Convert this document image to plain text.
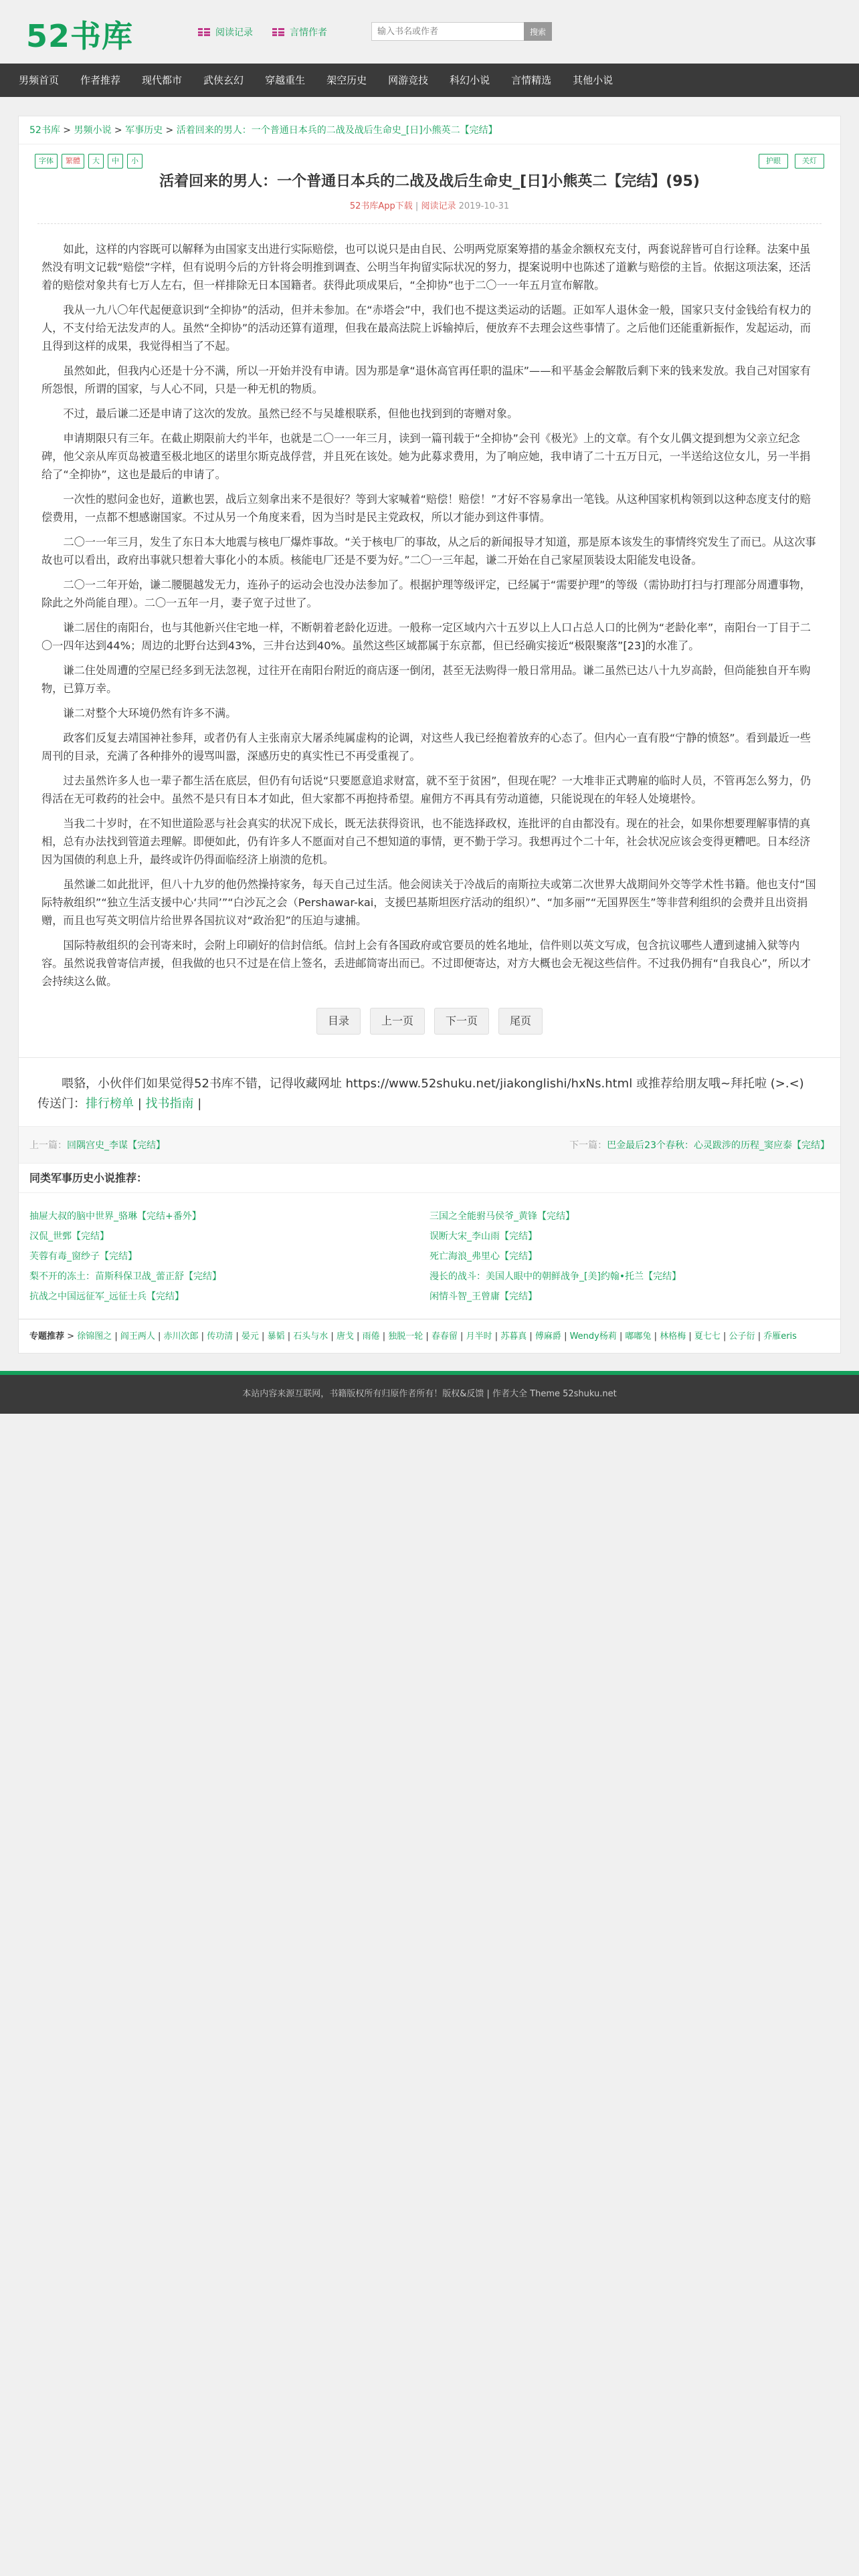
52书库	阅读记录	言情作者
输入书名或作者	搜索
男频首页	作者推荐	现代都市	武侠玄幻	穿越重生	架空历史	网游竞技	科幻小说	言情精选	其他小说
52书库 > 男频小说 > 军事历史 > 活着回来的男人：一个普通日本兵的二战及战后生命史_[日]小熊英二【完结】
字体	繁體	大	中	小	护眼	关灯
活着回来的男人：一个普通日本兵的二战及战后生命史_[日]小熊英二【完结】(95)
52书库App下载 | 阅读记录 2019-10-31

如此，这样的内容既可以解释为由国家支出进行实际赔偿，也可以说只是由自民、公明两党原案筹措的基金余额权充支付，两套说辞皆可自行诠释。法案中虽然没有明文记载“赔偿”字样，但有说明今后的方针将会明推到调查、公明当年拘留实际状况的努力，提案说明中也陈述了道歉与赔偿的主旨。依据这项法案，还活着的赔偿对象共有七万人左右，但一样排除无日本国籍者。获得此项成果后，“全抑协”也于二〇一一年五月宣布解散。

我从一九八〇年代起便意识到“全抑协”的活动，但并未参加。在“赤塔会”中，我们也不提这类运动的话题。正如军人退休金一般，国家只支付金钱给有权力的人，不支付给无法发声的人。虽然“全抑协”的活动还算有道理，但我在最高法院上诉输掉后，便放弃不去理会这些事情了。之后他们还能重新振作，发起运动，而且得到这样的成果，我觉得相当了不起。

虽然如此，但我内心还是十分不满，所以一开始并没有申请。因为那是拿“退休高官再任职的温床”——和平基金会解散后剩下来的钱来发放。我自己对国家有所怨恨，所谓的国家，与人心不同，只是一种无机的物质。

不过，最后谦二还是申请了这次的发放。虽然已经不与吴雄根联系，但他也找到到的寄赠对象。

申请期限只有三年。在截止期限前大约半年，也就是二〇一一年三月，读到一篇刊载于“全抑协”会刊《极光》上的文章。有个女儿偶文提到想为父亲立纪念碑，他父亲从库页岛被遣至极北地区的诺里尔斯克战俘营，并且死在该处。她为此募求费用，为了响应她，我申请了二十五万日元，一半送给这位女儿，另一半捐给了“全抑协”，这也是最后的申请了。

一次性的慰问金也好，道歉也罢，战后立刻拿出来不是很好？等到大家喊着“赔偿！赔偿！”才好不容易拿出一笔钱。从这种国家机构领到以这种态度支付的赔偿费用，一点都不想感谢国家。不过从另一个角度来看，因为当时是民主党政权，所以才能办到这件事情。

二〇一一年三月，发生了东日本大地震与核电厂爆炸事故。“关于核电厂的事故，从之后的新闻报导才知道，那是原本该发生的事情终究发生了而已。从这次事故也可以看出，政府出事就只想着大事化小的本质。核能电厂还是不要为好。”二〇一三年起，谦二开始在自己家屋顶装设太阳能发电设备。

二〇一二年开始，谦二腰腿越发无力，连孙子的运动会也没办法参加了。根据护理等级评定，已经属于“需要护理”的等级（需协助打扫与打理部分周遭事物，除此之外尚能自理）。二〇一五年一月，妻子宽子过世了。

谦二居住的南阳台，也与其他新兴住宅地一样，不断朝着老龄化迈进。一般称一定区域内六十五岁以上人口占总人口的比例为“老龄化率”，南阳台一丁目于二〇一四年达到44%；周边的北野台达到43%，三井台达到40%。虽然这些区域都属于东京都，但已经确实接近“极限聚落”[23]的水准了。

谦二住处周遭的空屋已经多到无法忽视，过往开在南阳台附近的商店逐一倒闭，甚至无法购得一般日常用品。谦二虽然已达八十九岁高龄，但尚能独自开车购物，已算万幸。

谦二对整个大环境仍然有许多不满。

政客们反复去靖国神社参拜，或者仍有人主张南京大屠杀纯属虚构的论调，对这些人我已经抱着放弃的心态了。但内心一直有股“宁静的愤怒”。看到最近一些周刊的目录，充满了各种排外的谩骂叫嚣，深感历史的真实性已不再受重视了。

过去虽然许多人也一辈子都生活在底层，但仍有句话说“只要愿意追求财富，就不至于贫困”，但现在呢？一大堆非正式聘雇的临时人员，不管再怎么努力，仍得活在无可救药的社会中。虽然不是只有日本才如此，但大家都不再抱持希望。雇佣方不再具有劳动道德，只能说现在的年轻人处境堪怜。

当我二十岁时，在不知世道险恶与社会真实的状况下成长，既无法获得资讯，也不能选择政权，连批评的自由都没有。现在的社会，如果你想要理解事情的真相，总有办法找到管道去理解。即便如此，仍有许多人不愿面对自己不想知道的事情，更不勤于学习。我想再过个二十年，社会状况应该会变得更糟吧。日本经济因为国债的利息上升，最终或许仍得面临经济上崩溃的危机。

虽然谦二如此批评，但八十九岁的他仍然操持家务，每天自己过生活。他会阅读关于冷战后的南斯拉夫或第二次世界大战期间外交等学术性书籍。他也支付“国际特赦组织”“独立生活支援中心‘共同’”“白沙瓦之会（Pershawar-kai，支援巴基斯坦医疗活动的组织）”、“加多丽”“无国界医生”等非营利组织的会费并且出资捐赠，而且也写英文明信片给世界各国抗议对“政治犯”的压迫与逮捕。

国际特赦组织的会刊寄来时，会附上印刷好的信封信纸。信封上会有各国政府或官要员的姓名地址，信件则以英文写成，包含抗议哪些人遭到逮捕入狱等内容。虽然说我曾寄信声援，但我做的也只不过是在信上签名，丢进邮筒寄出而已。不过即便寄达，对方大概也会无视这些信件。不过我仍拥有“自我良心”，所以才会持续这么做。

目录	上一页	下一页	尾页

喂貉，小伙伴们如果觉得52书库不错，记得收藏网址 https://www.52shuku.net/jiakonglishi/hxNs.html 或推荐给朋友哦~拜托啦 (>.<)

传送门：排行榜单 | 找书指南 |
上一篇：回隅宫史_李谋【完结】	下一篇：巴金最后23个春秋：心灵跋涉的历程_窦应泰【完结】
同类军事历史小说推荐：
抽屉大叔的脑中世界_骆琳【完结+番外】	三国之全能驸马侯爷_黄锋【完结】
汉侃_世鄄【完结】	误断大宋_李山雨【完结】
芙蓉有毒_窗纱子【完结】	死亡海浪_弗里心【完结】
梨不开的冻土：苗斯科保卫战_蕾正舒【完结】	漫长的战斗：美国人眼中的朝鲜战争_[美]约翰•托兰【完结】
抗战之中国远征军_远征士兵【完结】	闲情斗智_王曾庸【完结】
专题推荐 > 徐锦图之 | 阎王两人 | 赤川次郎 | 传功清 | 晏元 | 暴韬 | 石头与水 | 唐戈 | 雨倦 | 独脱一轮 | 春春留 | 月半时 | 苏暮真 | 傅麻爵 | Wendy杨莉 | 嘟嘟兔 | 林格梅 | 夏七七 | 公子衍 | 乔雁eris
本站内容来源互联网，书籍版权所有归原作者所有！版权&反馈 | 作者大全 Theme 52shuku.net
